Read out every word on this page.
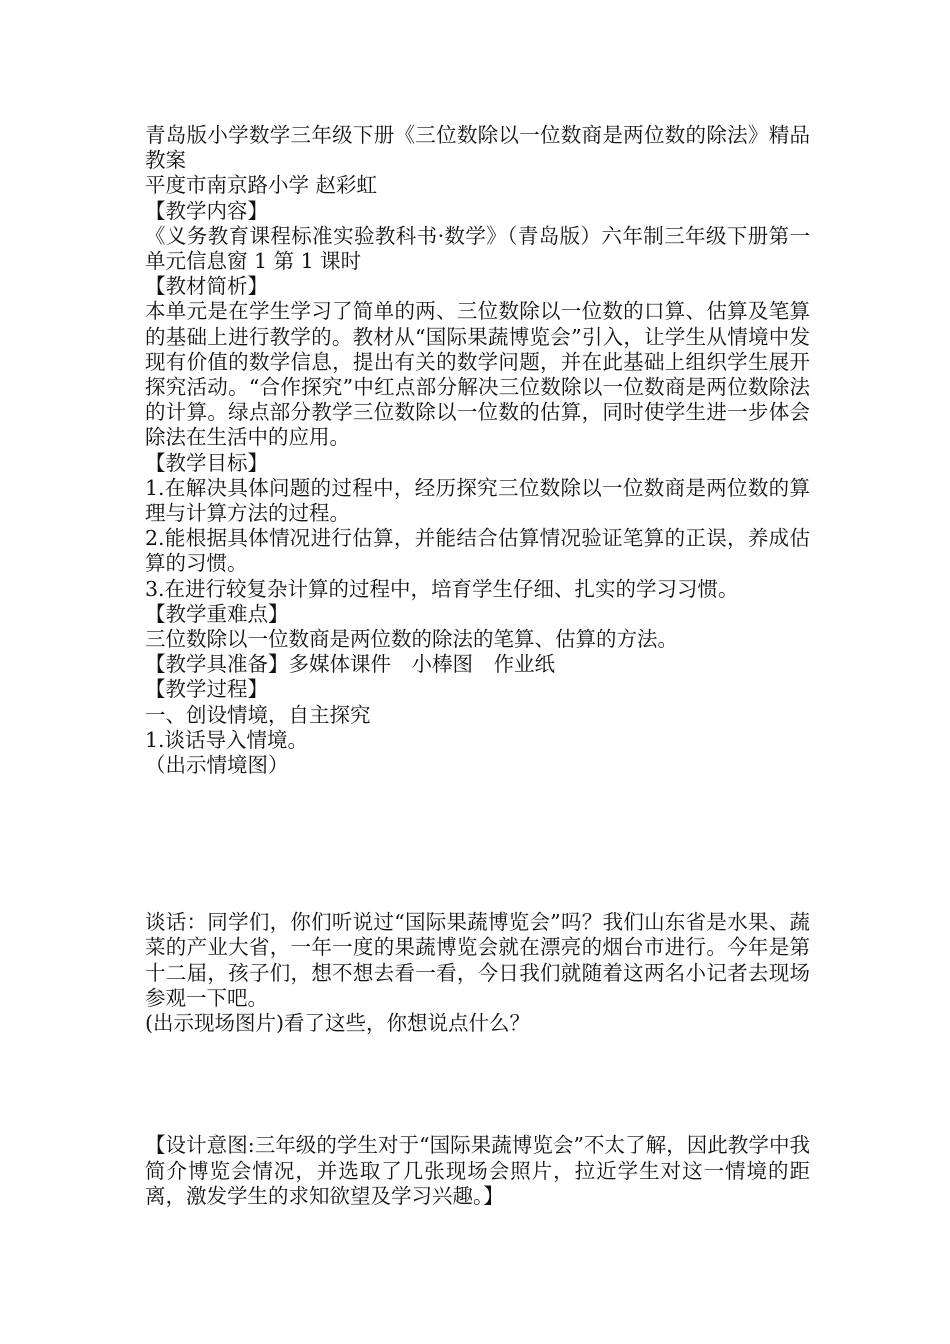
青岛版小学数学三年级下册《三位数除以一位数商是两位数的除法》精品教案

平度市南京路小学 赵彩虹

【教学内容】

《义务教育课程标准实验教科书·数学》（青岛版）六年制三年级下册第一单元信息窗 1 第 1 课时

【教材简析】

本单元是在学生学习了简单的两、三位数除以一位数的口算、估算及笔算的基础上进行教学的。教材从“国际果蔬博览会”引入，让学生从情境中发现有价值的数学信息，提出有关的数学问题，并在此基础上组织学生展开探究活动。“合作探究”中红点部分解决三位数除以一位数商是两位数除法的计算。绿点部分教学三位数除以一位数的估算，同时使学生进一步体会除法在生活中的应用。

【教学目标】

1.在解决具体问题的过程中，经历探究三位数除以一位数商是两位数的算理与计算方法的过程。

2.能根据具体情况进行估算，并能结合估算情况验证笔算的正误，养成估算的习惯。

3.在进行较复杂计算的过程中，培育学生仔细、扎实的学习习惯。

【教学重难点】

三位数除以一位数商是两位数的除法的笔算、估算的方法。

【教学具准备】多媒体课件　小棒图　作业纸

【教学过程】

一、创设情境，自主探究

1.谈话导入情境。

（出示情境图）

谈话：同学们，你们听说过“国际果蔬博览会”吗？我们山东省是水果、蔬菜的产业大省，一年一度的果蔬博览会就在漂亮的烟台市进行。今年是第十二届，孩子们，想不想去看一看，今日我们就随着这两名小记者去现场参观一下吧。

(出示现场图片)看了这些，你想说点什么？

【设计意图:三年级的学生对于“国际果蔬博览会”不太了解，因此教学中我简介博览会情况，并选取了几张现场会照片，拉近学生对这一情境的距离，激发学生的求知欲望及学习兴趣。】
